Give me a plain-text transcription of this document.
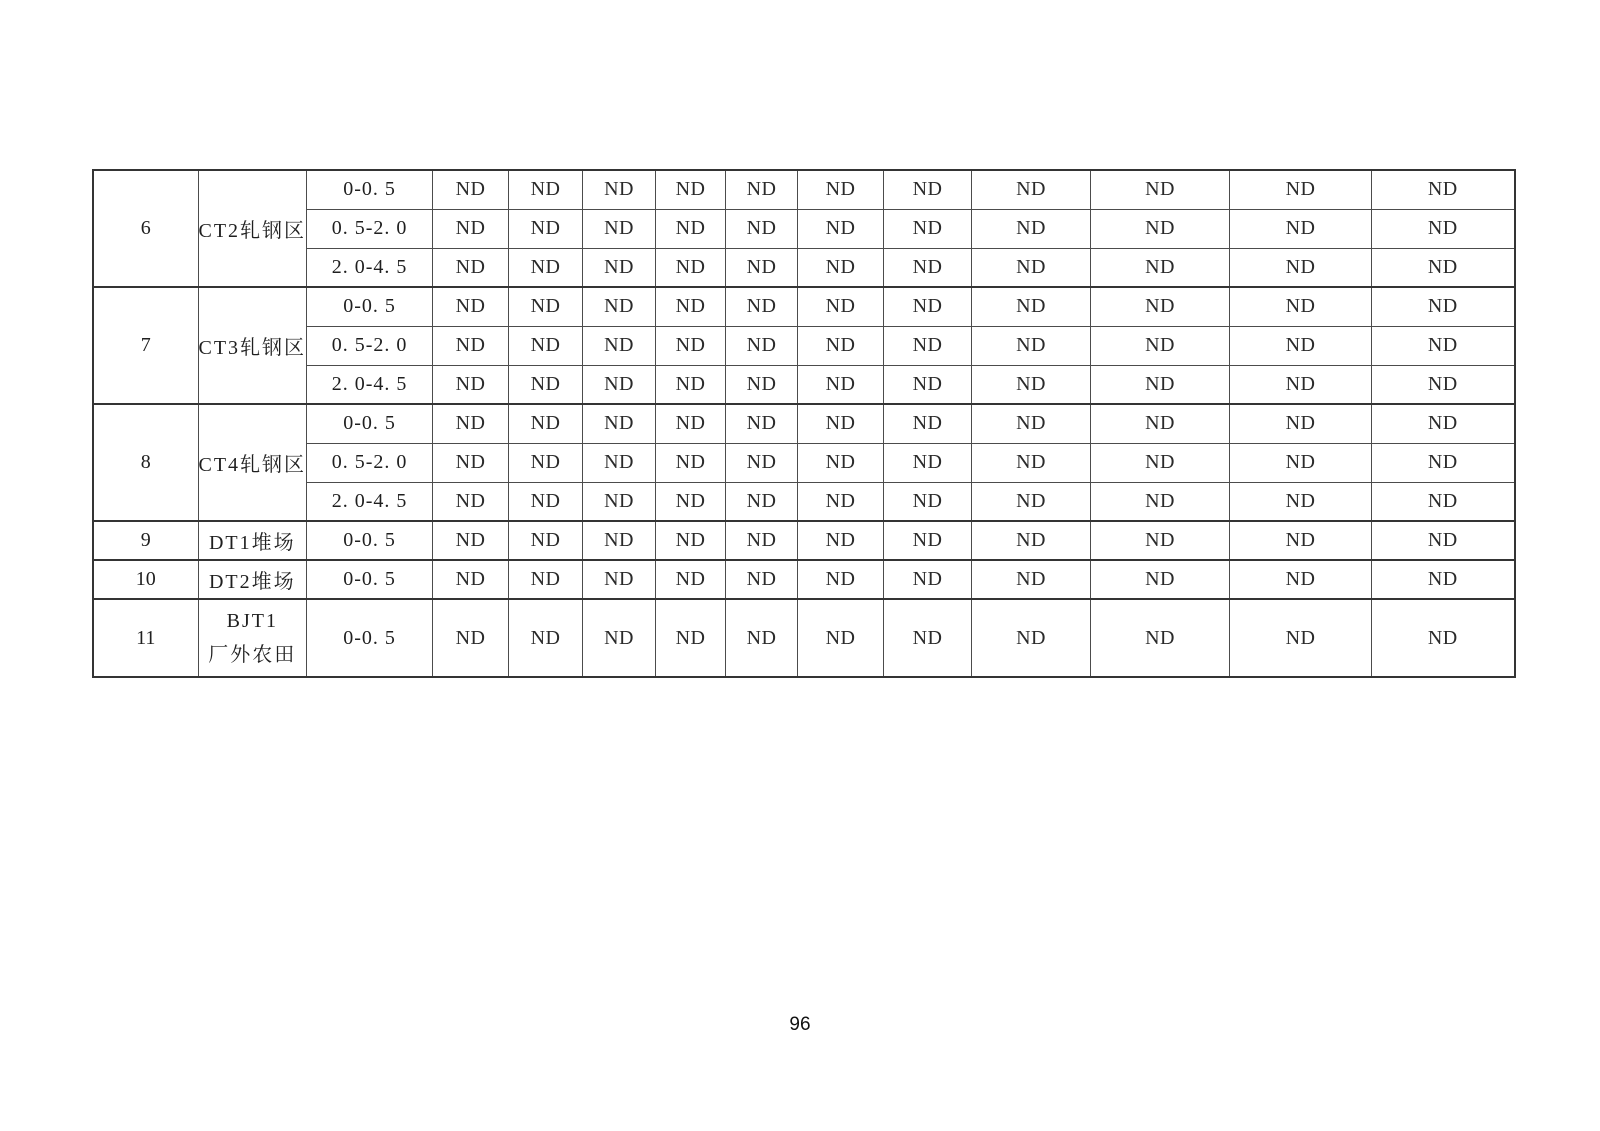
6	CT2轧钢区	0-0. 5	ND	ND	ND	ND	ND	ND	ND	ND	ND	ND	ND
		0. 5-2. 0	ND	ND	ND	ND	ND	ND	ND	ND	ND	ND	ND
		2. 0-4. 5	ND	ND	ND	ND	ND	ND	ND	ND	ND	ND	ND
7	CT3轧钢区	0-0. 5	ND	ND	ND	ND	ND	ND	ND	ND	ND	ND	ND
		0. 5-2. 0	ND	ND	ND	ND	ND	ND	ND	ND	ND	ND	ND
		2. 0-4. 5	ND	ND	ND	ND	ND	ND	ND	ND	ND	ND	ND
8	CT4轧钢区	0-0. 5	ND	ND	ND	ND	ND	ND	ND	ND	ND	ND	ND
		0. 5-2. 0	ND	ND	ND	ND	ND	ND	ND	ND	ND	ND	ND
		2. 0-4. 5	ND	ND	ND	ND	ND	ND	ND	ND	ND	ND	ND
9	DT1堆场	0-0. 5	ND	ND	ND	ND	ND	ND	ND	ND	ND	ND	ND
10	DT2堆场	0-0. 5	ND	ND	ND	ND	ND	ND	ND	ND	ND	ND	ND
11	BJT1
厂外农田	0-0. 5	ND	ND	ND	ND	ND	ND	ND	ND	ND	ND	ND
96
